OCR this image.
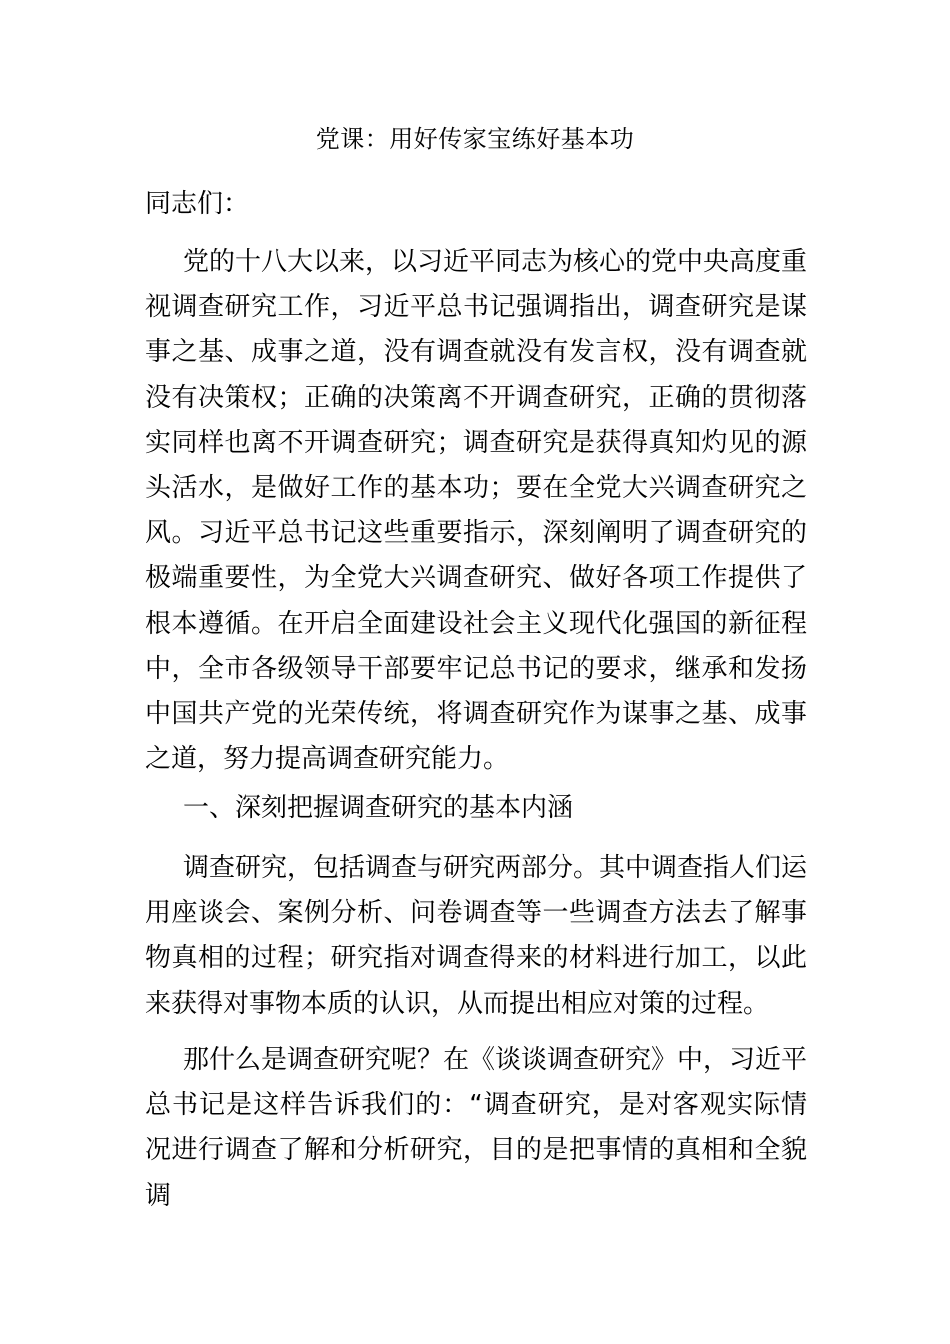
党课：用好传家宝练好基本功

同志们：

党的十八大以来，以习近平同志为核心的党中央高度重视调查研究工作，习近平总书记强调指出，调查研究是谋事之基、成事之道，没有调查就没有发言权，没有调查就没有决策权；正确的决策离不开调查研究，正确的贯彻落实同样也离不开调查研究；调查研究是获得真知灼见的源头活水，是做好工作的基本功；要在全党大兴调查研究之风。习近平总书记这些重要指示，深刻阐明了调查研究的极端重要性，为全党大兴调查研究、做好各项工作提供了根本遵循。在开启全面建设社会主义现代化强国的新征程中，全市各级领导干部要牢记总书记的要求，继承和发扬中国共产党的光荣传统，将调查研究作为谋事之基、成事之道，努力提高调查研究能力。

一、深刻把握调查研究的基本内涵

调查研究，包括调查与研究两部分。其中调查指人们运用座谈会、案例分析、问卷调查等一些调查方法去了解事物真相的过程；研究指对调查得来的材料进行加工，以此来获得对事物本质的认识，从而提出相应对策的过程。

那什么是调查研究呢？在《谈谈调查研究》中，习近平总书记是这样告诉我们的：“调查研究，是对客观实际情况进行调查了解和分析研究，目的是把事情的真相和全貌调
